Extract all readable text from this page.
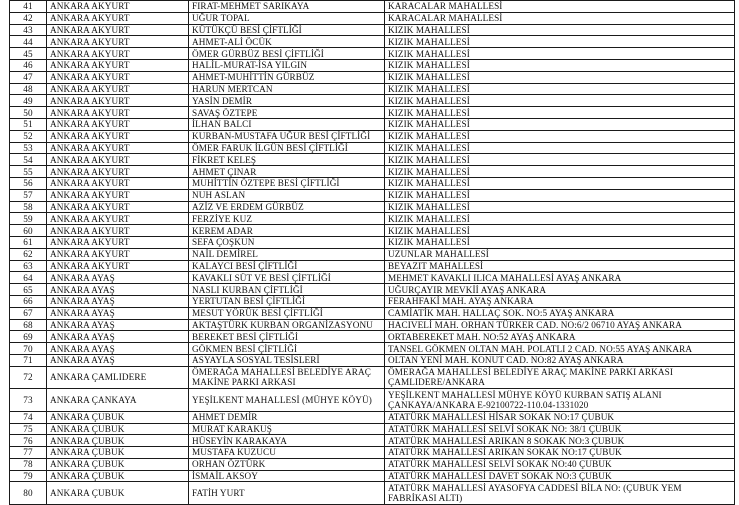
41	ANKARA AKYURT	FIRAT-MEHMET SARIKAYA	KARACALAR MAHALLESİ
42	ANKARA AKYURT	UĞUR TOPAL	KARACALAR MAHALLESİ
43	ANKARA AKYURT	KÜTÜKÇÜ BESİ ÇİFTLİĞİ	KIZIK MAHALLESİ
44	ANKARA AKYURT	AHMET-ALİ ÖCÜK	KIZIK MAHALLESİ
45	ANKARA AKYURT	ÖMER GÜRBÜZ BESİ ÇİFTLİĞİ	KIZIK MAHALLESİ
46	ANKARA AKYURT	HALİL-MURAT-İSA YILGIN	KIZIK MAHALLESİ
47	ANKARA AKYURT	AHMET-MUHİTTİN GÜRBÜZ	KIZIK MAHALLESİ
48	ANKARA AKYURT	HARUN MERTCAN	KIZIK MAHALLESİ
49	ANKARA AKYURT	YASİN DEMİR	KIZIK MAHALLESİ
50	ANKARA AKYURT	SAVAŞ ÖZTEPE	KIZIK MAHALLESİ
51	ANKARA AKYURT	İLHAN BALCI	KIZIK MAHALLESİ
52	ANKARA AKYURT	KURBAN-MUSTAFA UĞUR BESİ ÇİFTLİĞİ	KIZIK MAHALLESİ
53	ANKARA AKYURT	ÖMER FARUK İLGÜN BESİ ÇİFTLİĞİ	KIZIK MAHALLESİ
54	ANKARA AKYURT	FİKRET KELEŞ	KIZIK MAHALLESİ
55	ANKARA AKYURT	AHMET ÇINAR	KIZIK MAHALLESİ
56	ANKARA AKYURT	MUHİTTİN ÖZTEPE BESİ ÇİFTLİĞİ	KIZIK MAHALLESİ
57	ANKARA AKYURT	NUH ASLAN	KIZIK MAHALLESİ
58	ANKARA AKYURT	AZİZ VE ERDEM GÜRBÜZ	KIZIK MAHALLESİ
59	ANKARA AKYURT	FERZİYE KUZ	KIZIK MAHALLESİ
60	ANKARA AKYURT	KEREM ADAR	KIZIK MAHALLESİ
61	ANKARA AKYURT	SEFA ÇOŞKUN	KIZIK MAHALLESİ
62	ANKARA AKYURT	NAİL DEMİREL	UZUNLAR MAHALLESİ
63	ANKARA AKYURT	KALAYCI BESİ ÇİFTLİĞİ	BEYAZIT MAHALLESİ
64	ANKARA AYAŞ	KAVAKLI SÜT VE BESİ ÇİFTLİĞİ	MEHMET KAVAKLI ILICA MAHALLESİ AYAŞ ANKARA
65	ANKARA AYAŞ	NASLI KURBAN ÇİFTLİĞİ	UĞURÇAYIR MEVKİİ AYAŞ ANKARA
66	ANKARA AYAŞ	YERTUTAN BESİ ÇİFTLİĞİ	FERAHFAKİ MAH. AYAŞ ANKARA
67	ANKARA AYAŞ	MESUT YÖRÜK BESİ ÇİFTLİĞİ	CAMİATİK MAH. HALLAÇ SOK. NO:5 AYAŞ ANKARA
68	ANKARA AYAŞ	AKTAŞTÜRK KURBAN ORGANİZASYONU	HACIVELİ MAH. ORHAN TÜRKER CAD. NO:6/2 06710 AYAŞ ANKARA
69	ANKARA AYAŞ	BEREKET BESİ ÇİFTLİĞİ	ORTABEREKET MAH. NO:52 AYAŞ ANKARA
70	ANKARA AYAŞ	GÖKMEN BESİ ÇİFTLİĞİ	TANSEL GÖKMEN OLTAN MAH. POLATLI 2 CAD. NO:55 AYAŞ ANKARA
71	ANKARA AYAŞ	ASYAYLA SOSYAL TESİSLERİ	OLTAN YENİ MAH. KONUT CAD. NO:82 AYAŞ ANKARA
72	ANKARA ÇAMLIDERE	ÖMERAĞA MAHALLESİ BELEDİYE ARAÇ MAKİNE PARKI ARKASI	ÖMERAĞA MAHALLESİ BELEDİYE ARAÇ MAKİNE PARKI ARKASI ÇAMLIDERE/ANKARA
73	ANKARA ÇANKAYA	YEŞİLKENT MAHALLESİ (MÜHYE KÖYÜ)	YEŞİLKENT MAHALLESİ MÜHYE KÖYÜ KURBAN SATIŞ ALANI ÇANKAYA/ANKARA E-92100722-110.04-1331020
74	ANKARA ÇUBUK	AHMET DEMİR	ATATÜRK MAHALLESİ HİSAR SOKAK NO:17 ÇUBUK
75	ANKARA ÇUBUK	MURAT KARAKUŞ	ATATÜRK MAHALLESİ SELVİ SOKAK NO: 38/1 ÇUBUK
76	ANKARA ÇUBUK	HÜSEYİN KARAKAYA	ATATÜRK MAHALLESİ ARIKAN 8 SOKAK NO:3 ÇUBUK
77	ANKARA ÇUBUK	MUSTAFA KUZUCU	ATATÜRK MAHALLESİ ARIKAN SOKAK NO:17 ÇUBUK
78	ANKARA ÇUBUK	ORHAN ÖZTÜRK	ATATÜRK MAHALLESİ SELVİ SOKAK NO:40 ÇUBUK
79	ANKARA ÇUBUK	İSMAİL AKSOY	ATATÜRK MAHALLESİ DAVET SOKAK NO:3 ÇUBUK
80	ANKARA ÇUBUK	FATİH YURT	ATATÜRK MAHALLESİ AYASOFYA CADDESİ BİLA NO: (ÇUBUK YEM FABRİKASI ALTI)
